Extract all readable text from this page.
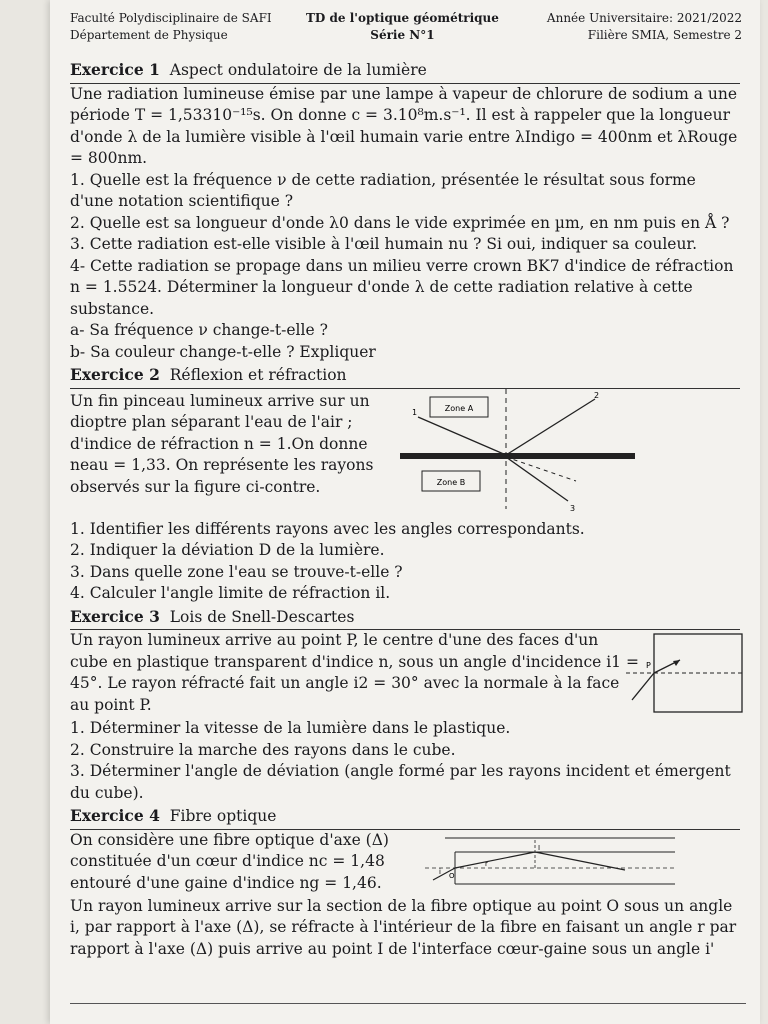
Faculté Polydisciplinaire de SAFI
Département de Physique
TD de l'optique géométrique
Série N°1
Année Universitaire: 2021/2022
Filière SMIA, Semestre 2
Exercice 1 Aspect ondulatoire de la lumière

Une radiation lumineuse émise par une lampe à vapeur de chlorure de sodium a une période T = 1,53310⁻¹⁵s. On donne c = 3.10⁸m.s⁻¹. Il est à rappeler que la longueur d'onde λ de la lumière visible à l'œil humain varie entre λIndigo = 400nm et λRouge = 800nm.

1. Quelle est la fréquence ν de cette radiation, présentée le résultat sous forme d'une notation scientifique ?

2. Quelle est sa longueur d'onde λ0 dans le vide exprimée en µm, en nm puis en Å ?

3. Cette radiation est-elle visible à l'œil humain nu ? Si oui, indiquer sa couleur.

4- Cette radiation se propage dans un milieu verre crown BK7 d'indice de réfraction n = 1.5524. Déterminer la longueur d'onde λ de cette radiation relative à cette substance.

a- Sa fréquence ν change-t-elle ?

b- Sa couleur change-t-elle ? Expliquer

Exercice 2 Réflexion et réfraction

Un fin pinceau lumineux arrive sur un dioptre plan séparant l'eau de l'air ; d'indice de réfraction n = 1.On donne neau = 1,33. On représente les rayons observés sur la figure ci-contre.

Zone A
Zone B
1
2
3

1. Identifier les différents rayons avec les angles correspondants.

2. Indiquer la déviation D de la lumière.

3. Dans quelle zone l'eau se trouve-t-elle ?

4. Calculer l'angle limite de réfraction il.

Exercice 3 Lois de Snell-Descartes

Un rayon lumineux arrive au point P, le centre d'une des faces d'un cube en plastique transparent d'indice n, sous un angle d'incidence i1 = 45°. Le rayon réfracté fait un angle i2 = 30° avec la normale à la face au point P.

P

1. Déterminer la vitesse de la lumière dans le plastique.

2. Construire la marche des rayons dans le cube.

3. Déterminer l'angle de déviation (angle formé par les rayons incident et émergent du cube).

Exercice 4 Fibre optique

On considère une fibre optique d'axe (Δ) constituée d'un cœur d'indice nc = 1,48 entouré d'une gaine d'indice ng = 1,46.	O
I
r
i

Un rayon lumineux arrive sur la section de la fibre optique au point O sous un angle i, par rapport à l'axe (Δ), se réfracte à l'intérieur de la fibre en faisant un angle r par rapport à l'axe (Δ) puis arrive au point I de l'interface cœur-gaine sous un angle i'
